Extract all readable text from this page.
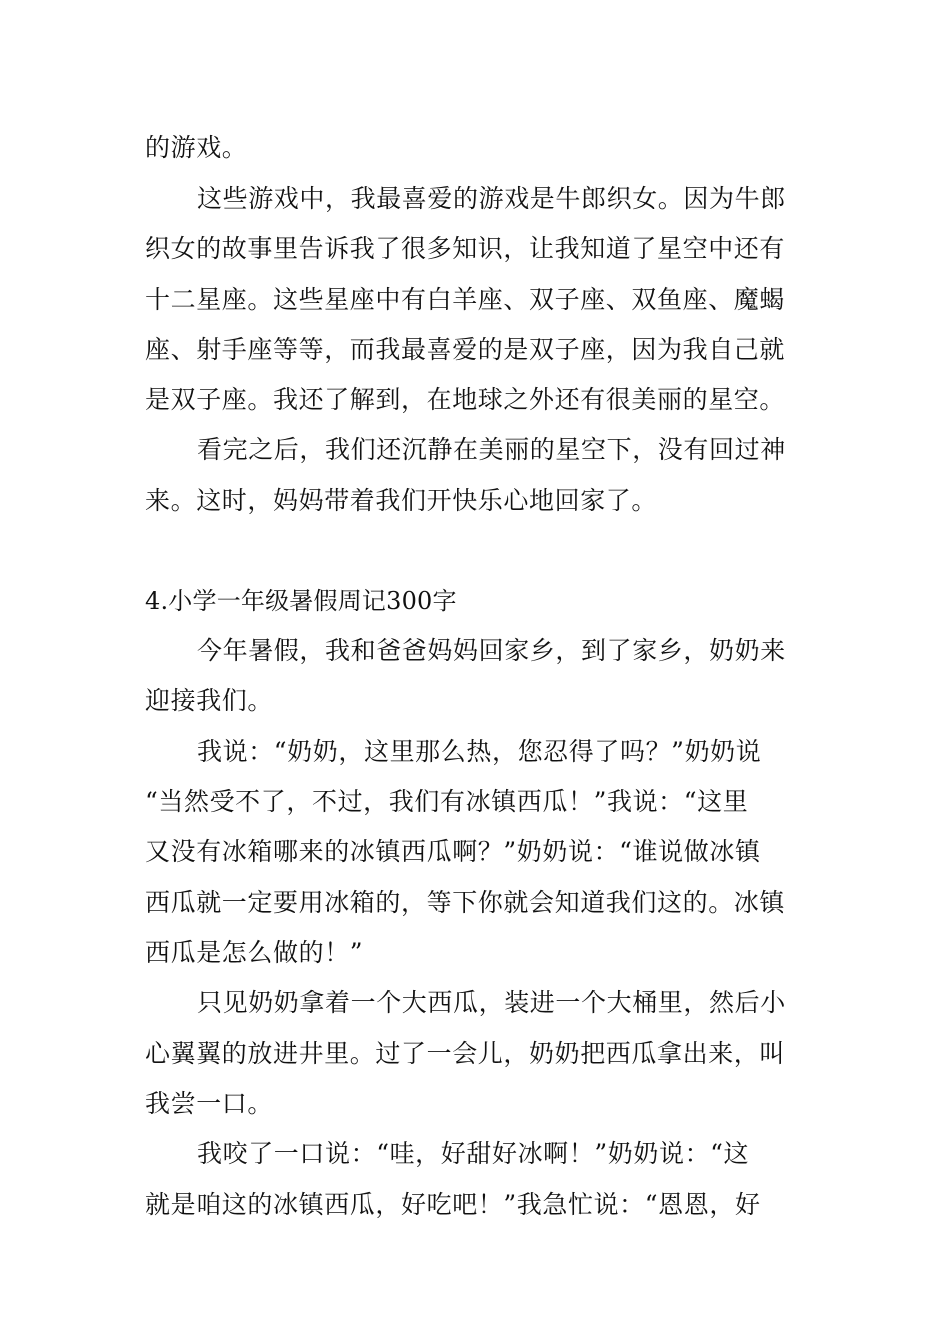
的游戏。
这些游戏中，我最喜爱的游戏是牛郎织女。因为牛郎
织女的故事里告诉我了很多知识，让我知道了星空中还有
十二星座。这些星座中有白羊座、双子座、双鱼座、魔蝎
座、射手座等等，而我最喜爱的是双子座，因为我自己就
是双子座。我还了解到，在地球之外还有很美丽的星空。
看完之后，我们还沉静在美丽的星空下，没有回过神
来。这时，妈妈带着我们开快乐心地回家了。
4.小学一年级暑假周记300字
今年暑假，我和爸爸妈妈回家乡，到了家乡，奶奶来
迎接我们。
我说：“奶奶，这里那么热，您忍得了吗？”奶奶说
“当然受不了，不过，我们有冰镇西瓜！”我说：“这里
又没有冰箱哪来的冰镇西瓜啊？”奶奶说：“谁说做冰镇
西瓜就一定要用冰箱的，等下你就会知道我们这的。冰镇
西瓜是怎么做的！”
只见奶奶拿着一个大西瓜，装进一个大桶里，然后小
心翼翼的放进井里。过了一会儿，奶奶把西瓜拿出来，叫
我尝一口。
我咬了一口说：“哇，好甜好冰啊！”奶奶说：“这
就是咱这的冰镇西瓜，好吃吧！”我急忙说：“恩恩，好
